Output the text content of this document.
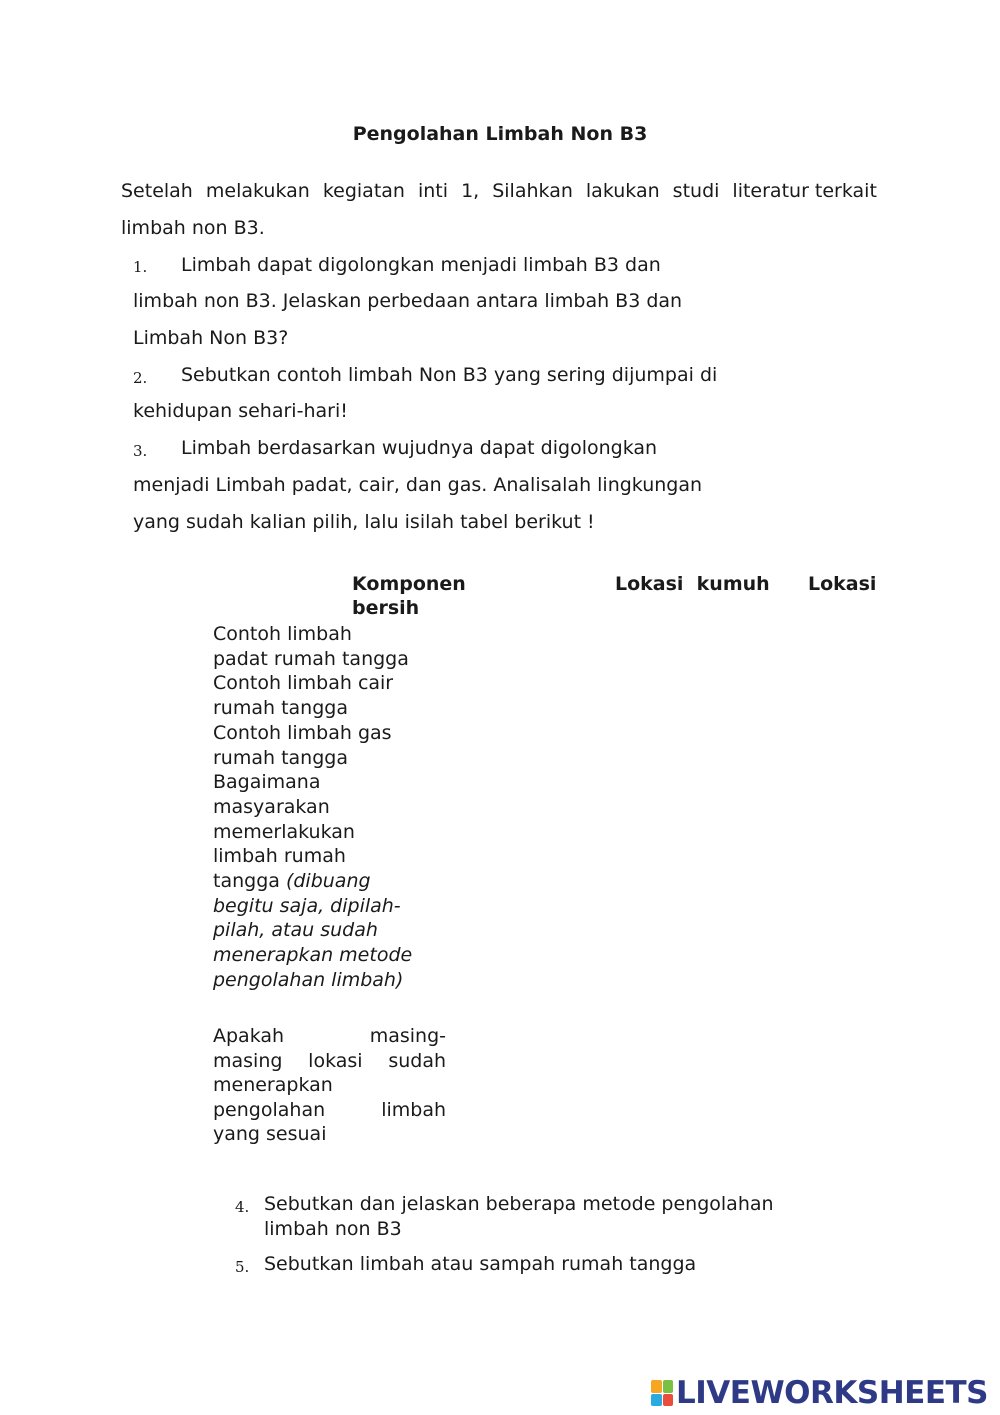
Pengolahan Limbah Non B3
Setelah melakukan kegiatan inti 1, Silahkan lakukan studi literatur terkait
limbah non B3.
1. Limbah dapat digolongkan menjadi limbah B3 dan
limbah non B3. Jelaskan perbedaan antara limbah B3 dan
Limbah Non B3?
2. Sebutkan contoh limbah Non B3 yang sering dijumpai di
kehidupan sehari-hari!
3. Limbah berdasarkan wujudnya dapat digolongkan
menjadi Limbah padat, cair, dan gas. Analisalah lingkungan
yang sudah kalian pilih, lalu isilah tabel berikut !
Komponen
bersih
Lokasi  kumuh Lokasi
Contoh limbah
padat rumah tangga
Contoh limbah cair
rumah tangga
Contoh limbah gas
rumah tangga
Bagaimana
masyarakan
memerlakukan
limbah rumah
tangga (dibuang
begitu saja, dipilah-
pilah, atau sudah
menerapkan metode
pengolahan limbah)
Apakah	masing-
masing lokasi sudah
menerapkan
pengolahan	limbah
yang sesuai
4. Sebutkan dan jelaskan beberapa metode pengolahan
limbah non B3
5. Sebutkan limbah atau sampah rumah tangga
LIVEWORKSHEETS
